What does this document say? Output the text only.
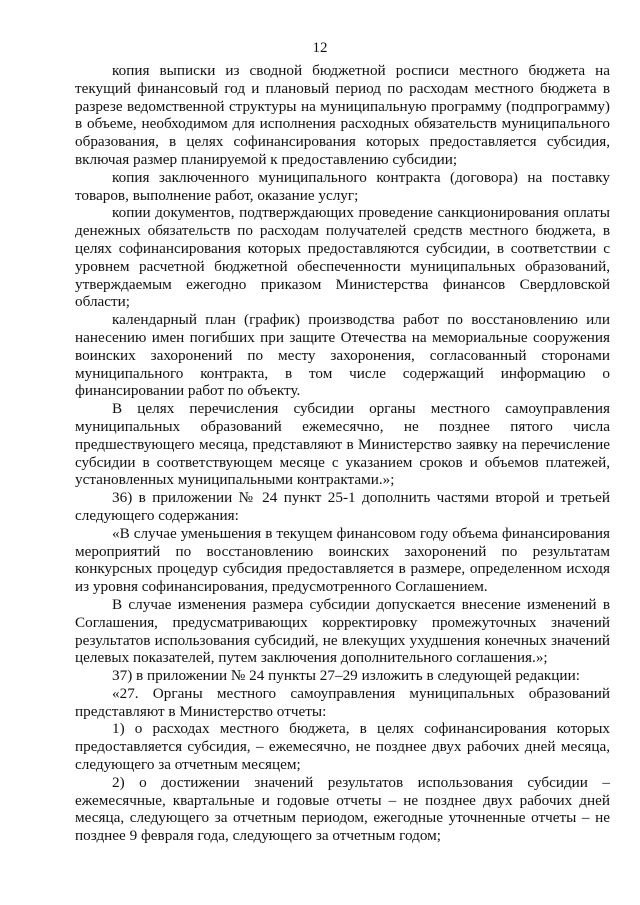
12

копия выписки из сводной бюджетной росписи местного бюджета на текущий финансовый год и плановый период по расходам местного бюджета в разрезе ведомственной структуры на муниципальную программу (подпрограмму) в объеме, необходимом для исполнения расходных обязательств муниципального образования, в целях софинансирования которых предоставляется субсидия, включая размер планируемой к предоставлению субсидии;

копия заключенного муниципального контракта (договора) на поставку товаров, выполнение работ, оказание услуг;

копии документов, подтверждающих проведение санкционирования оплаты денежных обязательств по расходам получателей средств местного бюджета, в целях софинансирования которых предоставляются субсидии, в соответствии с уровнем расчетной бюджетной обеспеченности муниципальных образований, утверждаемым ежегодно приказом Министерства финансов Свердловской области;

календарный план (график) производства работ по восстановлению или нанесению имен погибших при защите Отечества на мемориальные сооружения воинских захоронений по месту захоронения, согласованный сторонами муниципального контракта, в том числе содержащий информацию о финансировании работ по объекту.

В целях перечисления субсидии органы местного самоуправления муниципальных образований ежемесячно, не позднее пятого числа предшествующего месяца, представляют в Министерство заявку на перечисление субсидии в соответствующем месяце с указанием сроков и объемов платежей, установленных муниципальными контрактами.»;

36) в приложении № 24 пункт 25-1 дополнить частями второй и третьей следующего содержания:

«В случае уменьшения в текущем финансовом году объема финансирования мероприятий по восстановлению воинских захоронений по результатам конкурсных процедур субсидия предоставляется в размере, определенном исходя из уровня софинансирования, предусмотренного Соглашением.

В случае изменения размера субсидии допускается внесение изменений в Соглашения, предусматривающих корректировку промежуточных значений результатов использования субсидий, не влекущих ухудшения конечных значений целевых показателей, путем заключения дополнительного соглашения.»;

37) в приложении № 24 пункты 27–29 изложить в следующей редакции:

«27. Органы местного самоуправления муниципальных образований представляют в Министерство отчеты:

1) о расходах местного бюджета, в целях софинансирования которых предоставляется субсидия, – ежемесячно, не позднее двух рабочих дней месяца, следующего за отчетным месяцем;

2) о достижении значений результатов использования субсидии – ежемесячные, квартальные и годовые отчеты – не позднее двух рабочих дней месяца, следующего за отчетным периодом, ежегодные уточненные отчеты – не позднее 9 февраля года, следующего за отчетным годом;
